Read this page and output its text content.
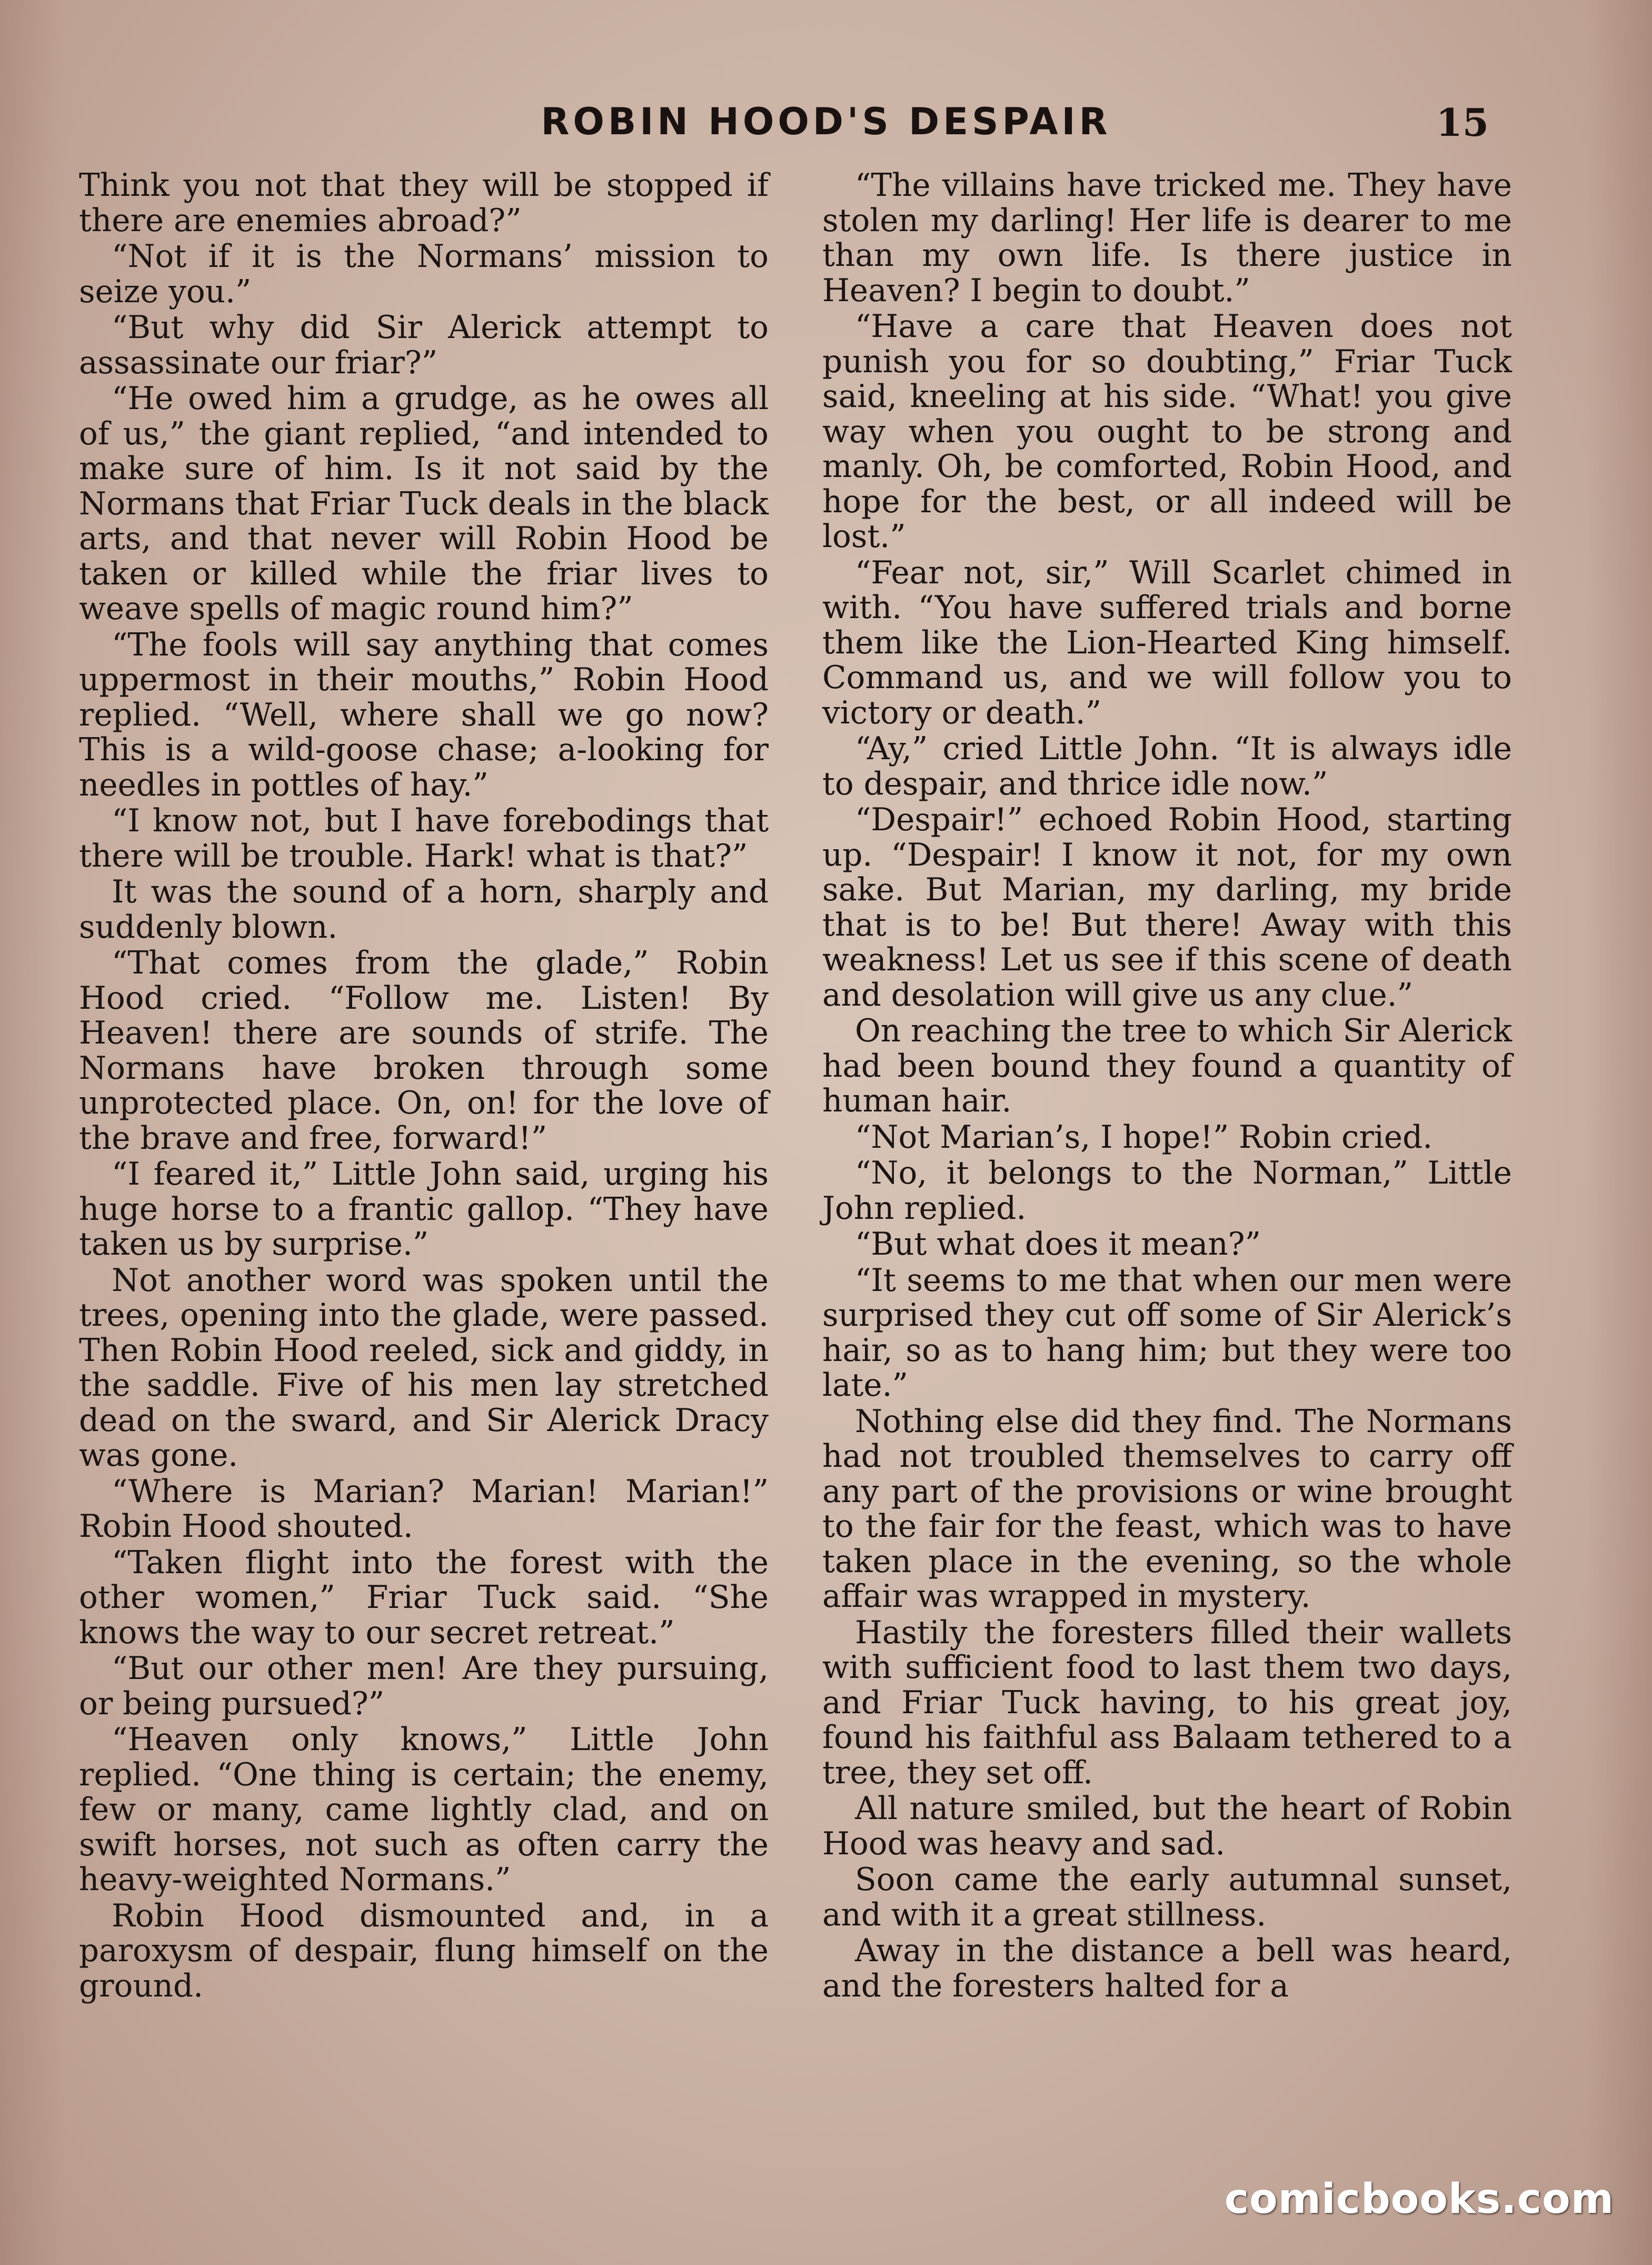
ROBIN HOOD'S DESPAIR	15

Think you not that they will be stopped if there are enemies abroad?”

“Not if it is the Normans’ mission to seize you.”

“But why did Sir Alerick attempt to assassinate our friar?”

“He owed him a grudge, as he owes all of us,” the giant replied, “and intended to make sure of him. Is it not said by the Normans that Friar Tuck deals in the black arts, and that never will Robin Hood be taken or killed while the friar lives to weave spells of magic round him?”

“The fools will say anything that comes uppermost in their mouths,” Robin Hood replied. “Well, where shall we go now? This is a wild-goose chase; a-looking for needles in pottles of hay.”

“I know not, but I have forebodings that there will be trouble. Hark! what is that?”

It was the sound of a horn, sharply and suddenly blown.

“That comes from the glade,” Robin Hood cried. “Follow me. Listen! By Heaven! there are sounds of strife. The Normans have broken through some unprotected place. On, on! for the love of the brave and free, forward!”

“I feared it,” Little John said, urging his huge horse to a frantic gallop. “They have taken us by surprise.”

Not another word was spoken until the trees, opening into the glade, were passed. Then Robin Hood reeled, sick and giddy, in the saddle. Five of his men lay stretched dead on the sward, and Sir Alerick Dracy was gone.

“Where is Marian? Marian! Marian!” Robin Hood shouted.

“Taken flight into the forest with the other women,” Friar Tuck said. “She knows the way to our secret retreat.”

“But our other men! Are they pursuing, or being pursued?”

“Heaven only knows,” Little John replied. “One thing is certain; the enemy, few or many, came lightly clad, and on swift horses, not such as often carry the heavy-weighted Normans.”

Robin Hood dismounted and, in a paroxysm of despair, flung himself on the ground.

“The villains have tricked me. They have stolen my darling! Her life is dearer to me than my own life. Is there justice in Heaven? I begin to doubt.”

“Have a care that Heaven does not punish you for so doubting,” Friar Tuck said, kneeling at his side. “What! you give way when you ought to be strong and manly. Oh, be comforted, Robin Hood, and hope for the best, or all indeed will be lost.”

“Fear not, sir,” Will Scarlet chimed in with. “You have suffered trials and borne them like the Lion-Hearted King himself. Command us, and we will follow you to victory or death.”

“Ay,” cried Little John. “It is always idle to despair, and thrice idle now.”

“Despair!” echoed Robin Hood, starting up. “Despair! I know it not, for my own sake. But Marian, my darling, my bride that is to be! But there! Away with this weakness! Let us see if this scene of death and desolation will give us any clue.”

On reaching the tree to which Sir Alerick had been bound they found a quantity of human hair.

“Not Marian’s, I hope!” Robin cried.

“No, it belongs to the Norman,” Little John replied.

“But what does it mean?”

“It seems to me that when our men were surprised they cut off some of Sir Alerick’s hair, so as to hang him; but they were too late.”

Nothing else did they find. The Normans had not troubled themselves to carry off any part of the provisions or wine brought to the fair for the feast, which was to have taken place in the evening, so the whole affair was wrapped in mystery.

Hastily the foresters filled their wallets with sufficient food to last them two days, and Friar Tuck having, to his great joy, found his faithful ass Balaam tethered to a tree, they set off.

All nature smiled, but the heart of Robin Hood was heavy and sad.

Soon came the early autumnal sunset, and with it a great stillness.

Away in the distance a bell was heard, and the foresters halted for a

comicbooks.com
